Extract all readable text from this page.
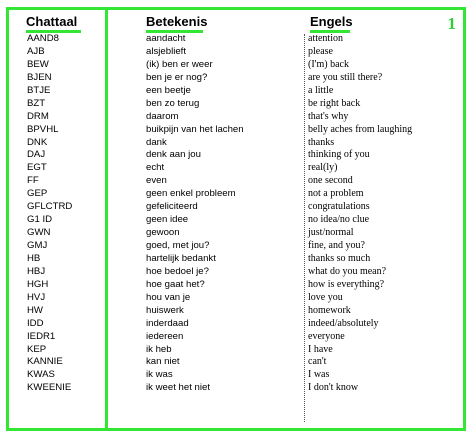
Chattaal	Betekenis	Engels	1
AAND8	aandacht	attention
AJB	alsjeblieft	please
BEW	(ik) ben er weer	(I'm) back
BJEN	ben je er nog?	are you still there?
BTJE	een beetje	a little
BZT	ben zo terug	be right back
DRM	daarom	that's why
BPVHL	buikpijn van het lachen	belly aches from laughing
DNK	dank	thanks
DAJ	denk aan jou	thinking of you
EGT	echt	real(ly)
FF	even	one second
GEP	geen enkel probleem	not a problem
GFLCTRD	gefeliciteerd	congratulations
G1 ID	geen idee	no idea/no clue
GWN	gewoon	just/normal
GMJ	goed, met jou?	fine, and you?
HB	hartelijk bedankt	thanks so much
HBJ	hoe bedoel je?	what do you mean?
HGH	hoe gaat het?	how is everything?
HVJ	hou van je	love you
HW	huiswerk	homework
IDD	inderdaad	indeed/absolutely
IEDR1	iedereen	everyone
KEP	ik heb	I have
KANNIE	kan niet	can't
KWAS	ik was	I was
KWEENIE	ik weet het niet	I don't know
